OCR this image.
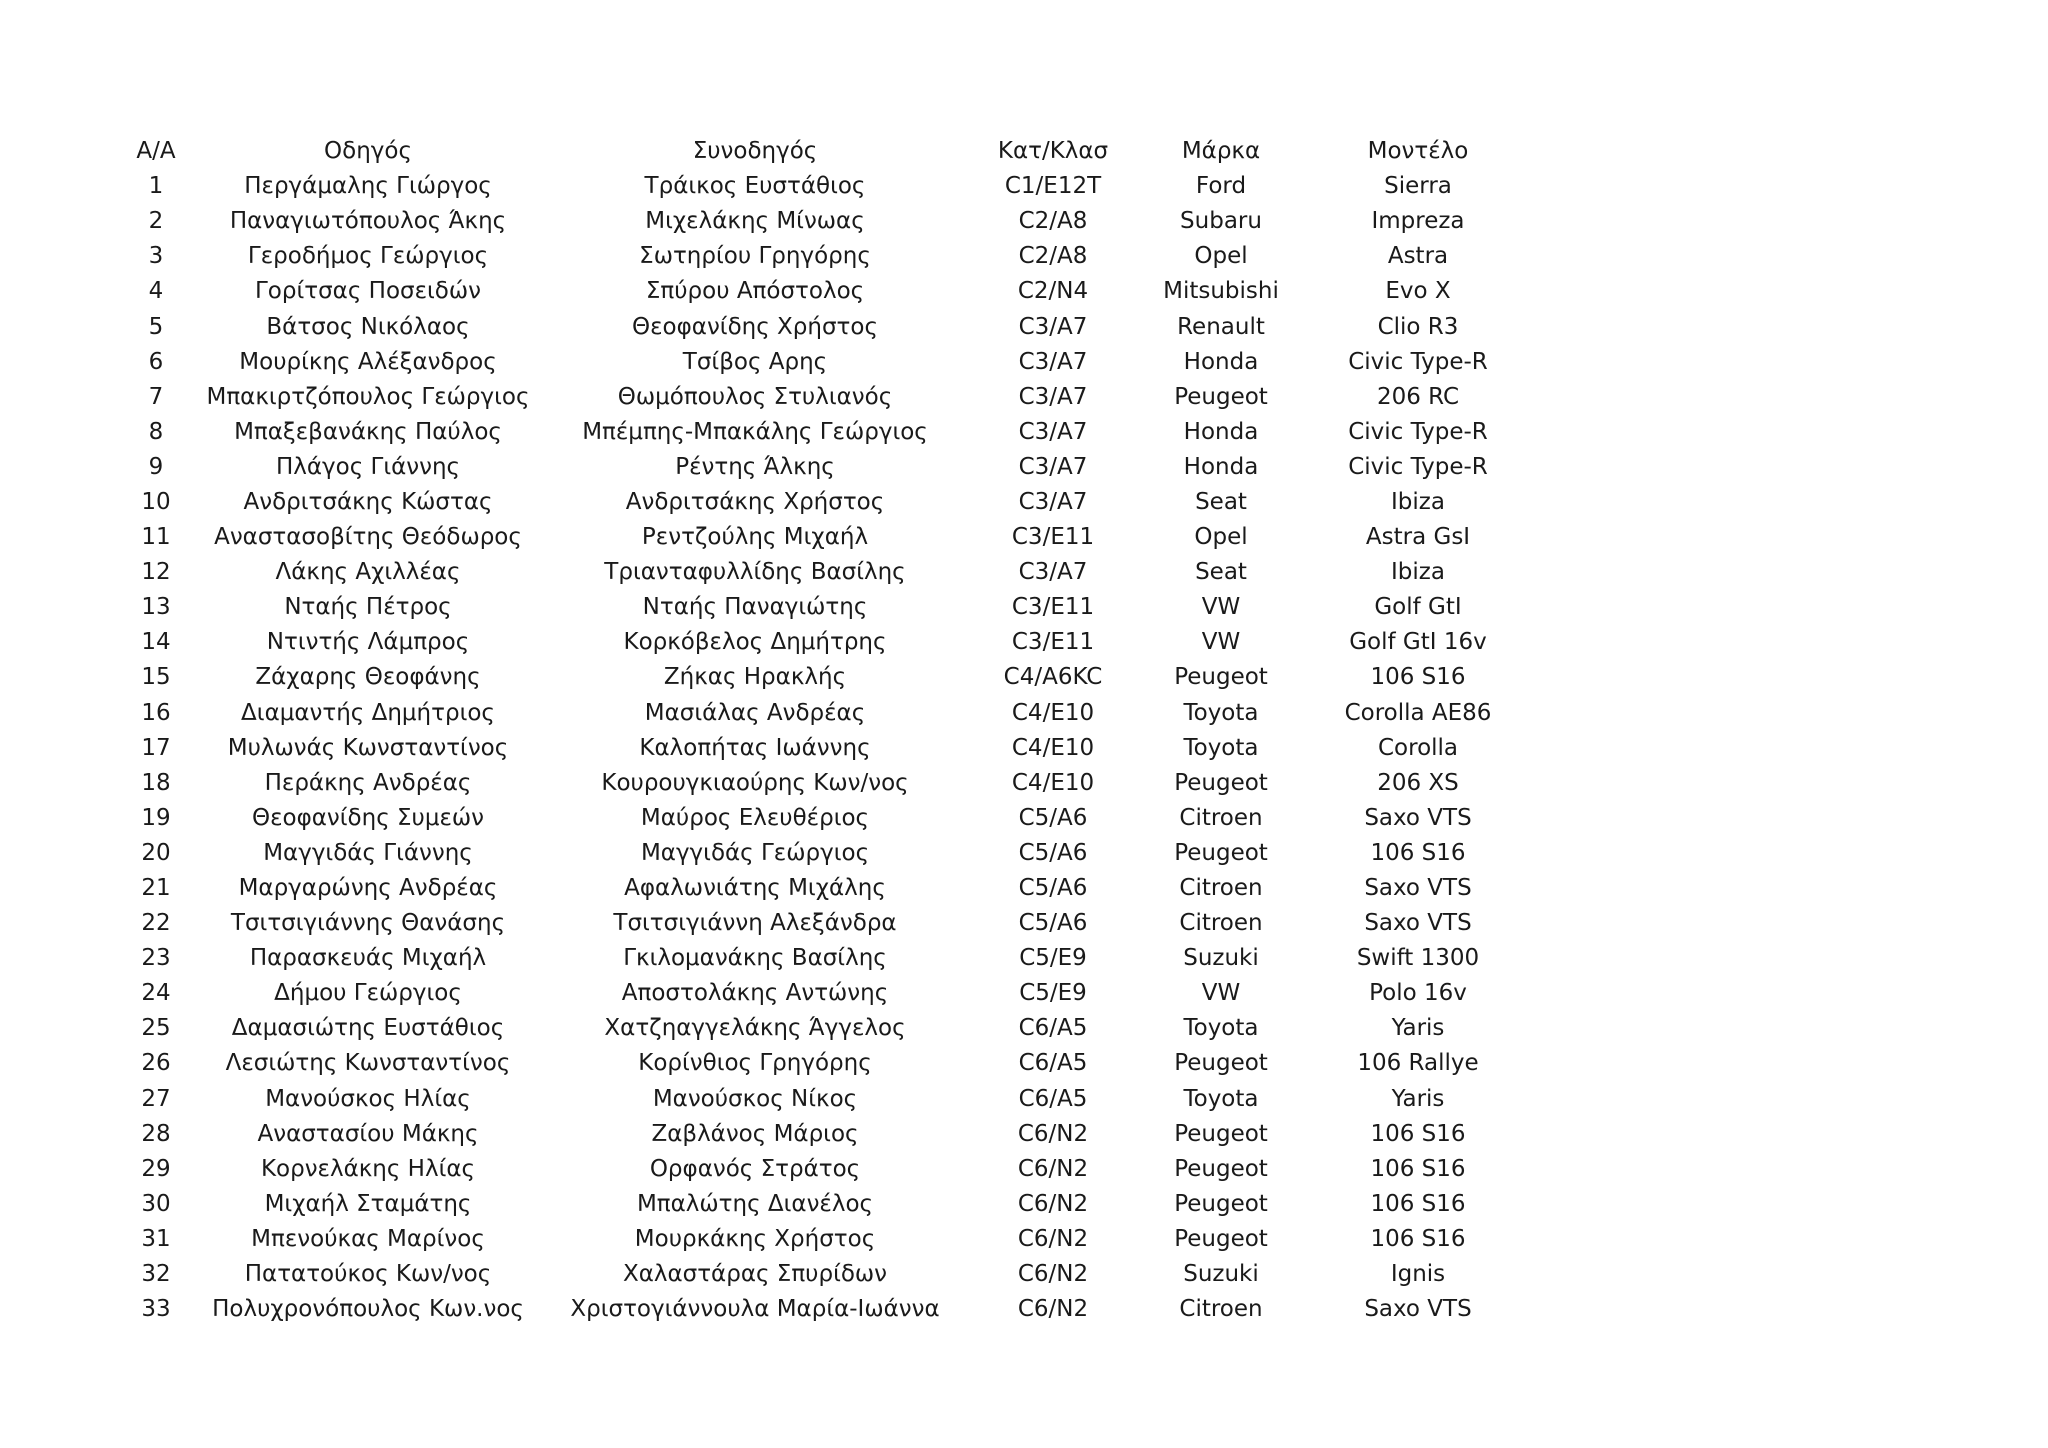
Α/Α	Οδηγός	Συνοδηγός	Κατ/Κλασ	Μάρκα	Μοντέλο
1	Περγάμαλης Γιώργος	Τράικος Ευστάθιος	C1/E12T	Ford	Sierra
2	Παναγιωτόπουλος Άκης	Μιχελάκης Μίνωας	C2/A8	Subaru	Impreza
3	Γεροδήμος Γεώργιος	Σωτηρίου Γρηγόρης	C2/A8	Opel	Astra
4	Γορίτσας Ποσειδών	Σπύρου Απόστολος	C2/N4	Mitsubishi	Evo X
5	Βάτσος Νικόλαος	Θεοφανίδης Χρήστος	C3/A7	Renault	Clio R3
6	Μουρίκης Αλέξανδρος	Τσίβος Αρης	C3/A7	Honda	Civic Type-R
7	Μπακιρτζόπουλος Γεώργιος	Θωμόπουλος Στυλιανός	C3/A7	Peugeot	206 RC
8	Μπαξεβανάκης Παύλος	Μπέμπης-Μπακάλης Γεώργιος	C3/A7	Honda	Civic Type-R
9	Πλάγος Γιάννης	Ρέντης Άλκης	C3/A7	Honda	Civic Type-R
10	Ανδριτσάκης Κώστας	Ανδριτσάκης Χρήστος	C3/A7	Seat	Ibiza
11	Αναστασοβίτης Θεόδωρος	Ρεντζούλης Μιχαήλ	C3/E11	Opel	Astra GsI
12	Λάκης Αχιλλέας	Τριανταφυλλίδης Βασίλης	C3/A7	Seat	Ibiza
13	Νταής Πέτρος	Νταής Παναγιώτης	C3/E11	VW	Golf GtI
14	Ντιντής Λάμπρος	Κορκόβελος Δημήτρης	C3/E11	VW	Golf GtI 16v
15	Ζάχαρης Θεοφάνης	Ζήκας Ηρακλής	C4/A6KC	Peugeot	106 S16
16	Διαμαντής Δημήτριος	Μασιάλας Ανδρέας	C4/E10	Toyota	Corolla AE86
17	Μυλωνάς Κωνσταντίνος	Καλοπήτας Ιωάννης	C4/E10	Toyota	Corolla
18	Περάκης Ανδρέας	Κουρουγκιαούρης Κων/νος	C4/E10	Peugeot	206 XS
19	Θεοφανίδης Συμεών	Μαύρος Ελευθέριος	C5/A6	Citroen	Saxo VTS
20	Μαγγιδάς Γιάννης	Μαγγιδάς Γεώργιος	C5/A6	Peugeot	106 S16
21	Μαργαρώνης Ανδρέας	Αφαλωνιάτης Μιχάλης	C5/A6	Citroen	Saxo VTS
22	Τσιτσιγιάννης Θανάσης	Τσιτσιγιάννη Αλεξάνδρα	C5/A6	Citroen	Saxo VTS
23	Παρασκευάς Μιχαήλ	Γκιλομανάκης Βασίλης	C5/E9	Suzuki	Swift 1300
24	Δήμου Γεώργιος	Αποστολάκης Αντώνης	C5/E9	VW	Polo 16v
25	Δαμασιώτης Ευστάθιος	Χατζηαγγελάκης Άγγελος	C6/A5	Toyota	Yaris
26	Λεσιώτης Κωνσταντίνος	Κορίνθιος Γρηγόρης	C6/A5	Peugeot	106 Rallye
27	Μανούσκος Ηλίας	Μανούσκος Νίκος	C6/A5	Toyota	Yaris
28	Αναστασίου Μάκης	Ζαβλάνος Μάριος	C6/N2	Peugeot	106 S16
29	Κορνελάκης Ηλίας	Ορφανός Στράτος	C6/N2	Peugeot	106 S16
30	Μιχαήλ Σταμάτης	Μπαλώτης Διανέλος	C6/N2	Peugeot	106 S16
31	Μπενούκας Μαρίνος	Μουρκάκης Χρήστος	C6/N2	Peugeot	106 S16
32	Πατατούκος Κων/νος	Χαλαστάρας Σπυρίδων	C6/N2	Suzuki	Ignis
33	Πολυχρονόπουλος Κων.νος	Χριστογιάννουλα Μαρία-Ιωάννα	C6/N2	Citroen	Saxo VTS
